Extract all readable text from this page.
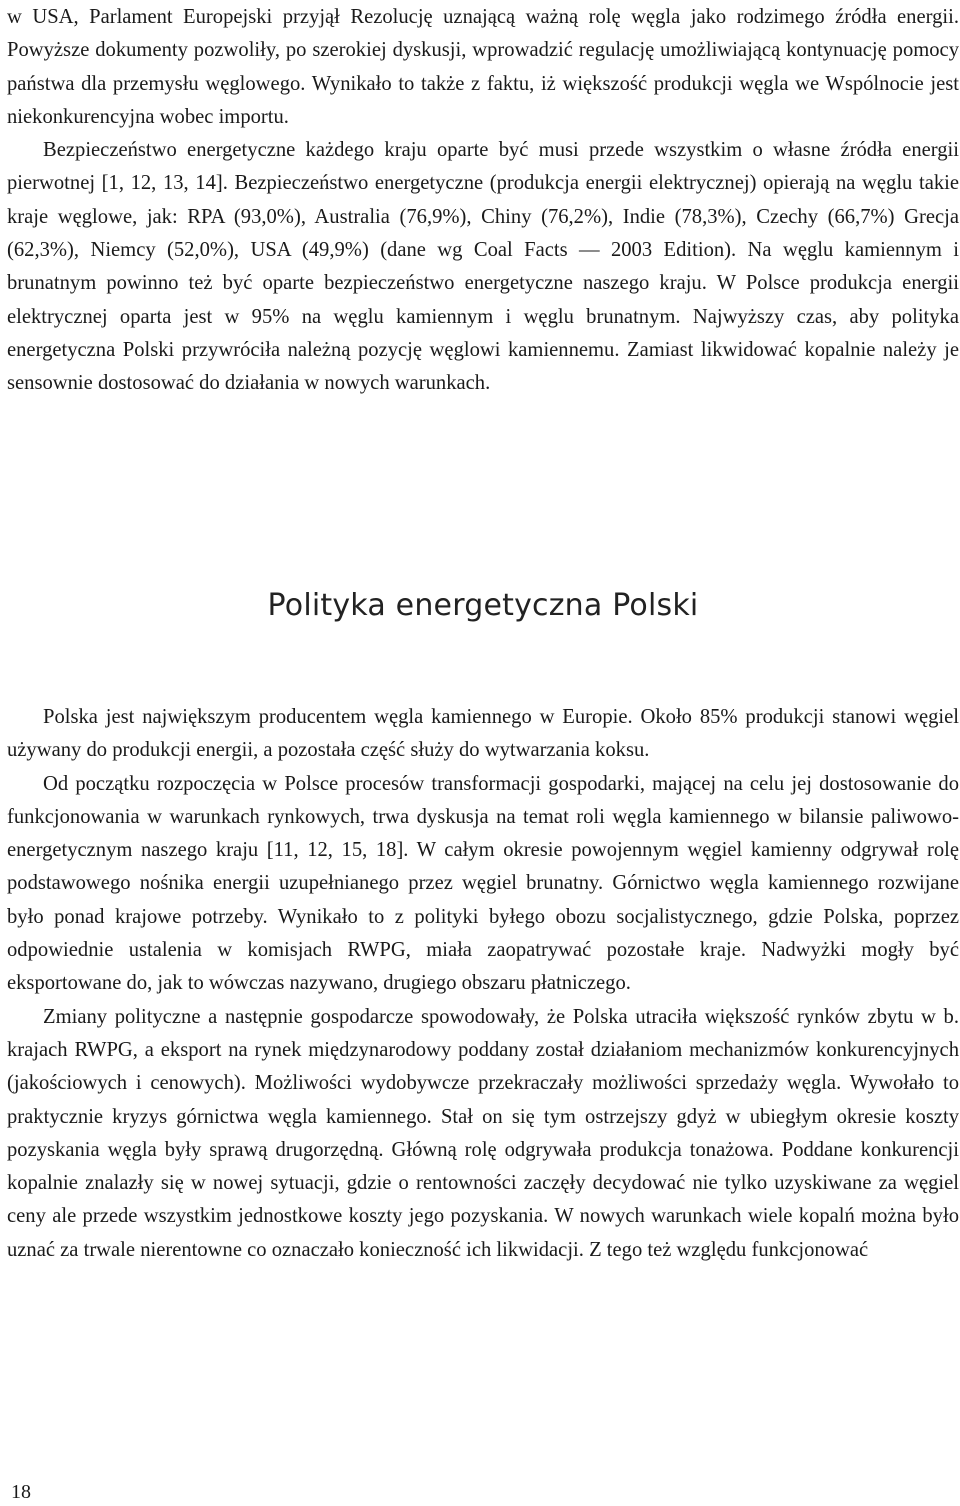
w USA, Parlament Europejski przyjął Rezolucję uznającą ważną rolę węgla jako rodzimego źródła energii. Powyższe dokumenty pozwoliły, po szerokiej dyskusji, wprowadzić regulację umożliwiającą kontynuację pomocy państwa dla przemysłu węglowego. Wynikało to także z faktu, iż większość produkcji węgla we Wspólnocie jest niekonkurencyjna wobec importu.

Bezpieczeństwo energetyczne każdego kraju oparte być musi przede wszystkim o własne źródła energii pierwotnej [1, 12, 13, 14]. Bezpieczeństwo energetyczne (produkcja energii elektrycznej) opierają na węglu takie kraje węglowe, jak: RPA (93,0%), Australia (76,9%), Chiny (76,2%), Indie (78,3%), Czechy (66,7%) Grecja (62,3%), Niemcy (52,0%), USA (49,9%) (dane wg Coal Facts — 2003 Edition). Na węglu kamiennym i brunatnym powinno też być oparte bezpieczeństwo energetyczne naszego kraju. W Polsce produkcja energii elektrycznej oparta jest w 95% na węglu kamiennym i węglu brunatnym. Najwyższy czas, aby polityka energetyczna Polski przywróciła należną pozycję węglowi kamiennemu. Zamiast likwidować kopalnie należy je sensownie dostosować do działania w nowych warunkach.

Polityka energetyczna Polski

Polska jest największym producentem węgla kamiennego w Europie. Około 85% produkcji stanowi węgiel używany do produkcji energii, a pozostała część służy do wytwarzania koksu.

Od początku rozpoczęcia w Polsce procesów transformacji gospodarki, mającej na celu jej dostosowanie do funkcjonowania w warunkach rynkowych, trwa dyskusja na temat roli węgla kamiennego w bilansie paliwowo-energetycznym naszego kraju [11, 12, 15, 18]. W całym okresie powojennym węgiel kamienny odgrywał rolę podstawowego nośnika energii uzupełnianego przez węgiel brunatny. Górnictwo węgla kamiennego rozwijane było ponad krajowe potrzeby. Wynikało to z polityki byłego obozu socjalistycznego, gdzie Polska, poprzez odpowiednie ustalenia w komisjach RWPG, miała zaopatrywać pozostałe kraje. Nadwyżki mogły być eksportowane do, jak to wówczas nazywano, drugiego obszaru płatniczego.

Zmiany polityczne a następnie gospodarcze spowodowały, że Polska utraciła większość rynków zbytu w b. krajach RWPG, a eksport na rynek międzynarodowy poddany został działaniom mechanizmów konkurencyjnych (jakościowych i cenowych). Możliwości wydobywcze przekraczały możliwości sprzedaży węgla. Wywołało to praktycznie kryzys górnictwa węgla kamiennego. Stał on się tym ostrzejszy gdyż w ubiegłym okresie koszty pozyskania węgla były sprawą drugorzędną. Główną rolę odgrywała produkcja tonażowa. Poddane konkurencji kopalnie znalazły się w nowej sytuacji, gdzie o rentowności zaczęły decydować nie tylko uzyskiwane za węgiel ceny ale przede wszystkim jednostkowe koszty jego pozyskania. W nowych warunkach wiele kopalń można było uznać za trwale nierentowne co oznaczało konieczność ich likwidacji. Z tego też względu funkcjonować

18
